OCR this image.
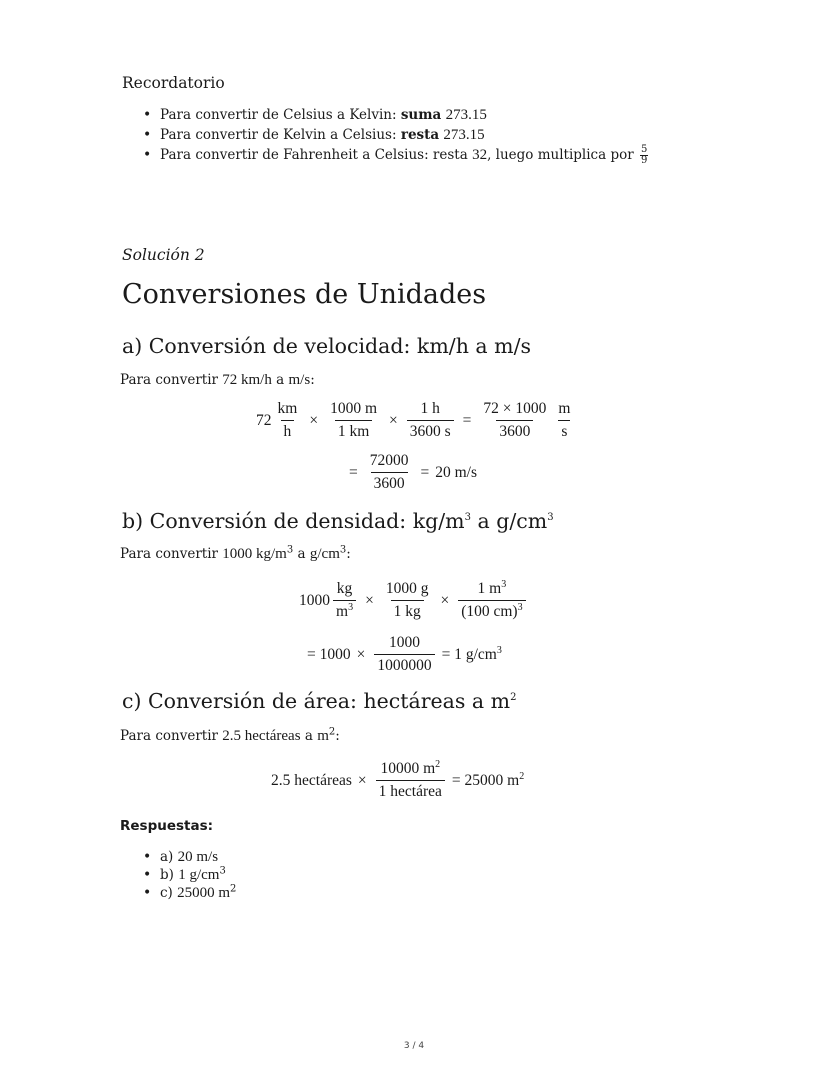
Recordatorio
• Para convertir de Celsius a Kelvin: suma 273.15
• Para convertir de Kelvin a Celsius: resta 273.15
• Para convertir de Fahrenheit a Celsius: resta 32, luego multiplica por $\frac{5}{9}$
Solución 2
Conversiones de Unidades
a) Conversión de velocidad: km/h a m/s
Para convertir 72 km/h a m/s:
$72 \frac{km}{h} \times \frac{1000 m}{1 km} \times \frac{1 h}{3600 s} = \frac{72 \times 1000}{3600} \frac{m}{s}$
= $\frac{72000}{3600} = 20$ m/s
b) Conversión de densidad: $kg/m^3$ a $g/cm^3$
Para convertir 1000 $kg/m^3$ a $g/cm^3$:
$1000 \frac{kg}{m^3} \times \frac{1000 g}{1 kg} \times \frac{1 m^3}{(100 cm)^3}$
= $1000 \times \frac{1000}{1000000} = 1$ $g/cm^3$
c) Conversión de área: hectáreas a $m^2$
Para convertir 2.5 hectáreas a $m^2$:
2.5 hectáreas × $\frac{10000 m^2}{\text{1 hectárea}} = 25000$ $m^2$
Respuestas:
• a) 20 m/s
• b) 1 $g/cm^3$
• c) 25000 $m^2$
3 / 4
